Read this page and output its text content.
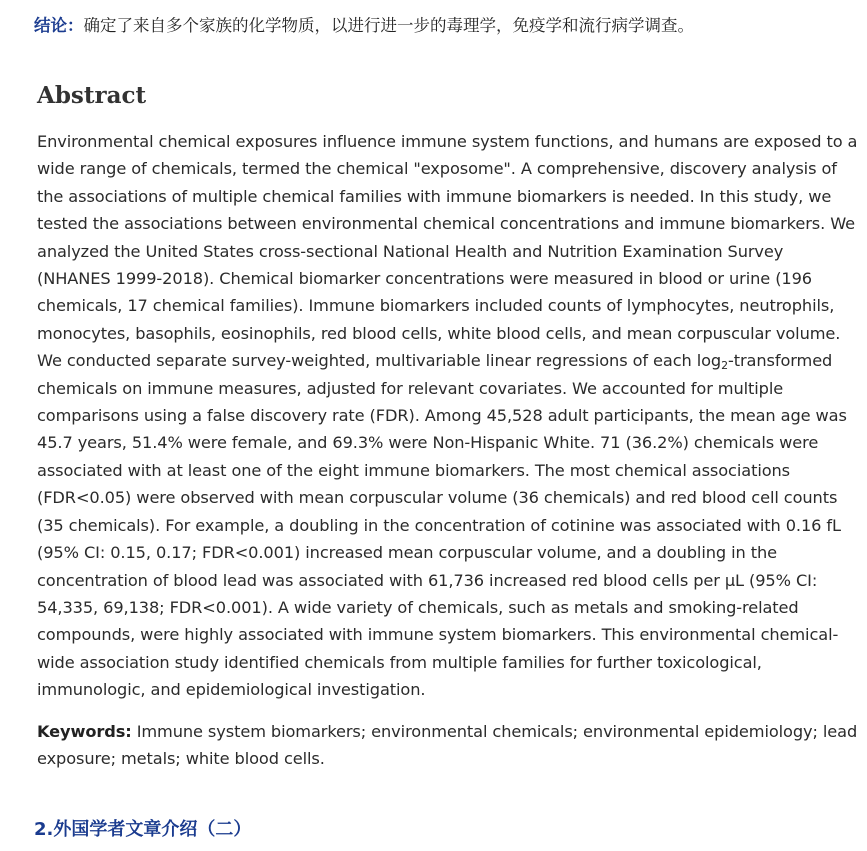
结论：确定了来自多个家族的化学物质，以进行进一步的毒理学，免疫学和流行病学调查。
Abstract
Environmental chemical exposures influence immune system functions, and humans are exposed to a
wide range of chemicals, termed the chemical "exposome". A comprehensive, discovery analysis of
the associations of multiple chemical families with immune biomarkers is needed. In this study, we
tested the associations between environmental chemical concentrations and immune biomarkers. We
analyzed the United States cross-sectional National Health and Nutrition Examination Survey
(NHANES 1999-2018). Chemical biomarker concentrations were measured in blood or urine (196
chemicals, 17 chemical families). Immune biomarkers included counts of lymphocytes, neutrophils,
monocytes, basophils, eosinophils, red blood cells, white blood cells, and mean corpuscular volume.
We conducted separate survey-weighted, multivariable linear regressions of each $\log_2$-transformed
chemicals on immune measures, adjusted for relevant covariates. We accounted for multiple
comparisons using a false discovery rate (FDR). Among 45,528 adult participants, the mean age was
45.7 years, 51.4% were female, and 69.3% were Non-Hispanic White. 71 (36.2%) chemicals were
associated with at least one of the eight immune biomarkers. The most chemical associations
(FDR<0.05) were observed with mean corpuscular volume (36 chemicals) and red blood cell counts
(35 chemicals). For example, a doubling in the concentration of cotinine was associated with 0.16 fL
(95% CI: 0.15, 0.17; FDR<0.001) increased mean corpuscular volume, and a doubling in the
concentration of blood lead was associated with 61,736 increased red blood cells per µL (95% CI:
54,335, 69,138; FDR<0.001). A wide variety of chemicals, such as metals and smoking-related
compounds, were highly associated with immune system biomarkers. This environmental chemical-
wide association study identified chemicals from multiple families for further toxicological,
immunologic, and epidemiological investigation.
Keywords: Immune system biomarkers; environmental chemicals; environmental epidemiology; lead
exposure; metals; white blood cells.
2.外国学者文章介绍（二）
